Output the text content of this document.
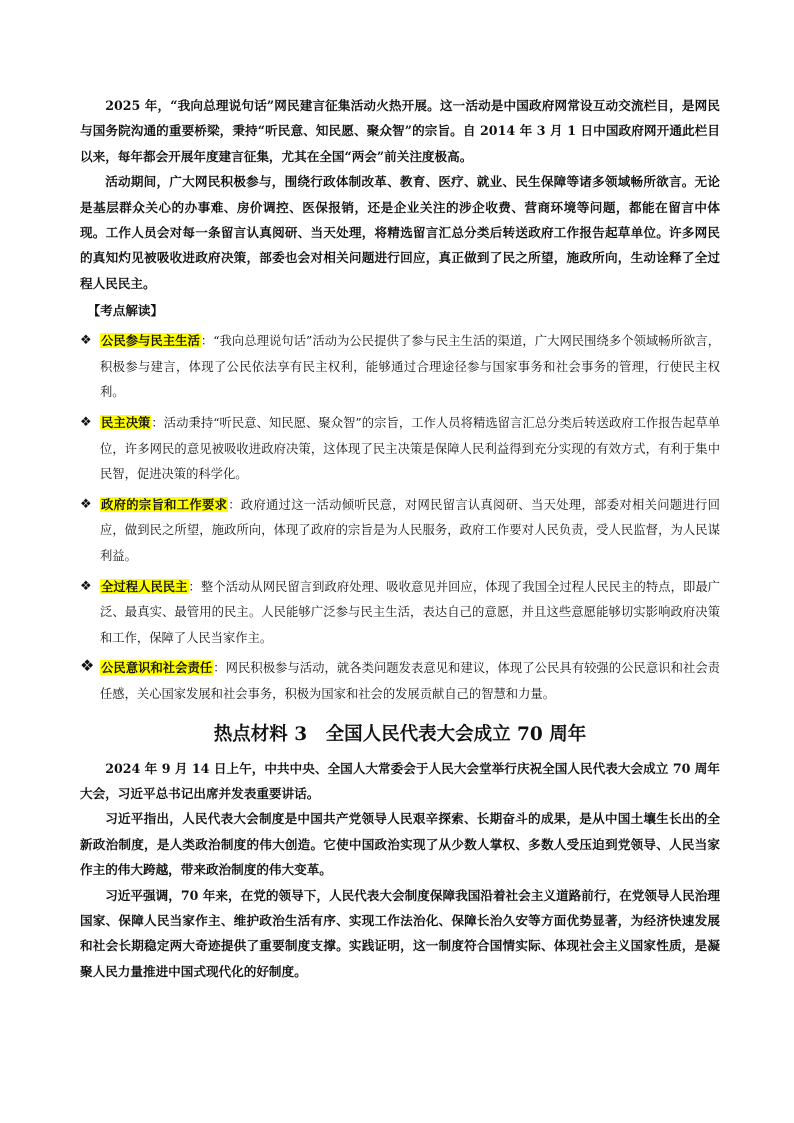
2025 年，“我向总理说句话”网民建言征集活动火热开展。这一活动是中国政府网常设互动交流栏目，是网民与国务院沟通的重要桥梁，秉持“听民意、知民愿、聚众智”的宗旨。自 2014 年 3 月 1 日中国政府网开通此栏目以来，每年都会开展年度建言征集，尤其在全国“两会”前关注度极高。

活动期间，广大网民积极参与，围绕行政体制改革、教育、医疗、就业、民生保障等诸多领域畅所欲言。无论是基层群众关心的办事难、房价调控、医保报销，还是企业关注的涉企收费、营商环境等问题，都能在留言中体现。工作人员会对每一条留言认真阅研、当天处理，将精选留言汇总分类后转送政府工作报告起草单位。许多网民的真知灼见被吸收进政府决策，部委也会对相关问题进行回应，真正做到了民之所望，施政所向，生动诠释了全过程人民民主。

【考点解读】
❖ 公民参与民主生活：“我向总理说句话”活动为公民提供了参与民主生活的渠道，广大网民围绕多个领域畅所欲言，积极参与建言，体现了公民依法享有民主权利，能够通过合理途径参与国家事务和社会事务的管理，行使民主权利。
❖ 民主决策：活动秉持“听民意、知民愿、聚众智”的宗旨，工作人员将精选留言汇总分类后转送政府工作报告起草单位，许多网民的意见被吸收进政府决策，这体现了民主决策是保障人民利益得到充分实现的有效方式，有利于集中民智，促进决策的科学化。
❖ 政府的宗旨和工作要求：政府通过这一活动倾听民意，对网民留言认真阅研、当天处理，部委对相关问题进行回应，做到民之所望，施政所向，体现了政府的宗旨是为人民服务，政府工作要对人民负责，受人民监督，为人民谋利益。
❖ 全过程人民民主：整个活动从网民留言到政府处理、吸收意见并回应，体现了我国全过程人民民主的特点，即最广泛、最真实、最管用的民主。人民能够广泛参与民主生活，表达自己的意愿，并且这些意愿能够切实影响政府决策和工作，保障了人民当家作主。
❖ 公民意识和社会责任：网民积极参与活动，就各类问题发表意见和建议，体现了公民具有较强的公民意识和社会责任感，关心国家发展和社会事务，积极为国家和社会的发展贡献自己的智慧和力量。
热点材料 3　全国人民代表大会成立 70 周年

2024 年 9 月 14 日上午，中共中央、全国人大常委会于人民大会堂举行庆祝全国人民代表大会成立 70 周年大会，习近平总书记出席并发表重要讲话。

习近平指出，人民代表大会制度是中国共产党领导人民艰辛探索、长期奋斗的成果，是从中国土壤生长出的全新政治制度，是人类政治制度的伟大创造。它使中国政治实现了从少数人掌权、多数人受压迫到党领导、人民当家作主的伟大跨越，带来政治制度的伟大变革。

习近平强调，70 年来，在党的领导下，人民代表大会制度保障我国沿着社会主义道路前行，在党领导人民治理国家、保障人民当家作主、维护政治生活有序、实现工作法治化、保障长治久安等方面优势显著，为经济快速发展和社会长期稳定两大奇迹提供了重要制度支撑。实践证明，这一制度符合国情实际、体现社会主义国家性质，是凝聚人民力量推进中国式现代化的好制度。
